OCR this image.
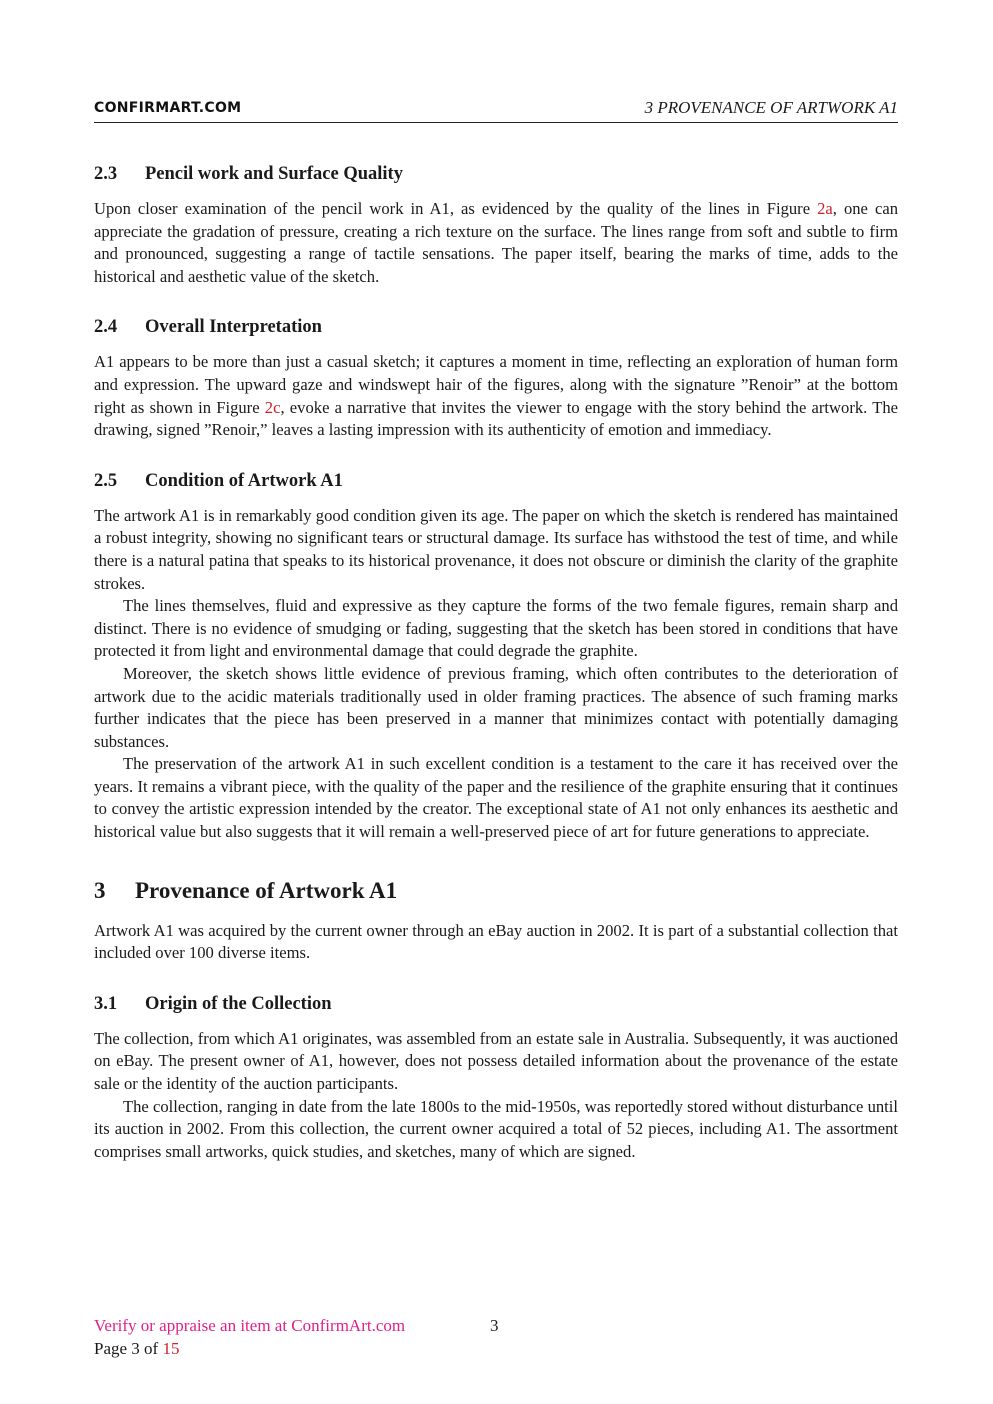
CONFIRMART.COM	3 PROVENANCE OF ARTWORK A1
2.3 Pencil work and Surface Quality

Upon closer examination of the pencil work in A1, as evidenced by the quality of the lines in Figure 2a, one can appreciate the gradation of pressure, creating a rich texture on the surface. The lines range from soft and subtle to firm and pronounced, suggesting a range of tactile sensations. The paper itself, bearing the marks of time, adds to the historical and aesthetic value of the sketch.

2.4 Overall Interpretation

A1 appears to be more than just a casual sketch; it captures a moment in time, reflecting an exploration of human form and expression. The upward gaze and windswept hair of the figures, along with the signature ”Renoir” at the bottom right as shown in Figure 2c, evoke a narrative that invites the viewer to engage with the story behind the artwork. The drawing, signed ”Renoir,” leaves a lasting impression with its authenticity of emotion and immediacy.

2.5 Condition of Artwork A1

The artwork A1 is in remarkably good condition given its age. The paper on which the sketch is rendered has maintained a robust integrity, showing no significant tears or structural damage. Its surface has withstood the test of time, and while there is a natural patina that speaks to its historical provenance, it does not obscure or diminish the clarity of the graphite strokes.

The lines themselves, fluid and expressive as they capture the forms of the two female figures, remain sharp and distinct. There is no evidence of smudging or fading, suggesting that the sketch has been stored in conditions that have protected it from light and environmental damage that could degrade the graphite.

Moreover, the sketch shows little evidence of previous framing, which often contributes to the deterioration of artwork due to the acidic materials traditionally used in older framing practices. The absence of such framing marks further indicates that the piece has been preserved in a manner that minimizes contact with potentially damaging substances.

The preservation of the artwork A1 in such excellent condition is a testament to the care it has received over the years. It remains a vibrant piece, with the quality of the paper and the resilience of the graphite ensuring that it continues to convey the artistic expression intended by the creator. The exceptional state of A1 not only enhances its aesthetic and historical value but also suggests that it will remain a well-preserved piece of art for future generations to appreciate.

3 Provenance of Artwork A1

Artwork A1 was acquired by the current owner through an eBay auction in 2002. It is part of a substantial collection that included over 100 diverse items.

3.1 Origin of the Collection

The collection, from which A1 originates, was assembled from an estate sale in Australia. Subsequently, it was auctioned on eBay. The present owner of A1, however, does not possess detailed information about the provenance of the estate sale or the identity of the auction participants.

The collection, ranging in date from the late 1800s to the mid-1950s, was reportedly stored without disturbance until its auction in 2002. From this collection, the current owner acquired a total of 52 pieces, including A1. The assortment comprises small artworks, quick studies, and sketches, many of which are signed.

Verify or appraise an item at ConfirmArt.com	3
Page 3 of 15
